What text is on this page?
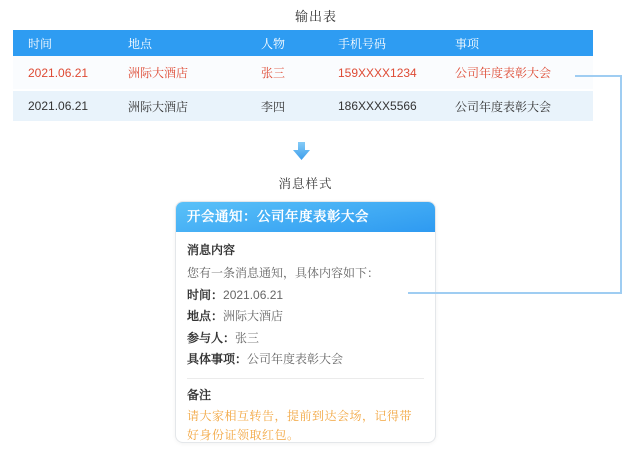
输出表
时间	地点	人物	手机号码	事项
2021.06.21	洲际大酒店	张三	159XXXX1234	公司年度表彰大会
2021.06.21	洲际大酒店	李四	186XXXX5566	公司年度表彰大会
消息样式
开会通知：公司年度表彰大会
消息内容
您有一条消息通知，具体内容如下：
时间：2021.06.21
地点：洲际大酒店
参与人：张三
具体事项：公司年度表彰大会
备注
请大家相互转告，提前到达会场，记得带好身份证领取红包。
